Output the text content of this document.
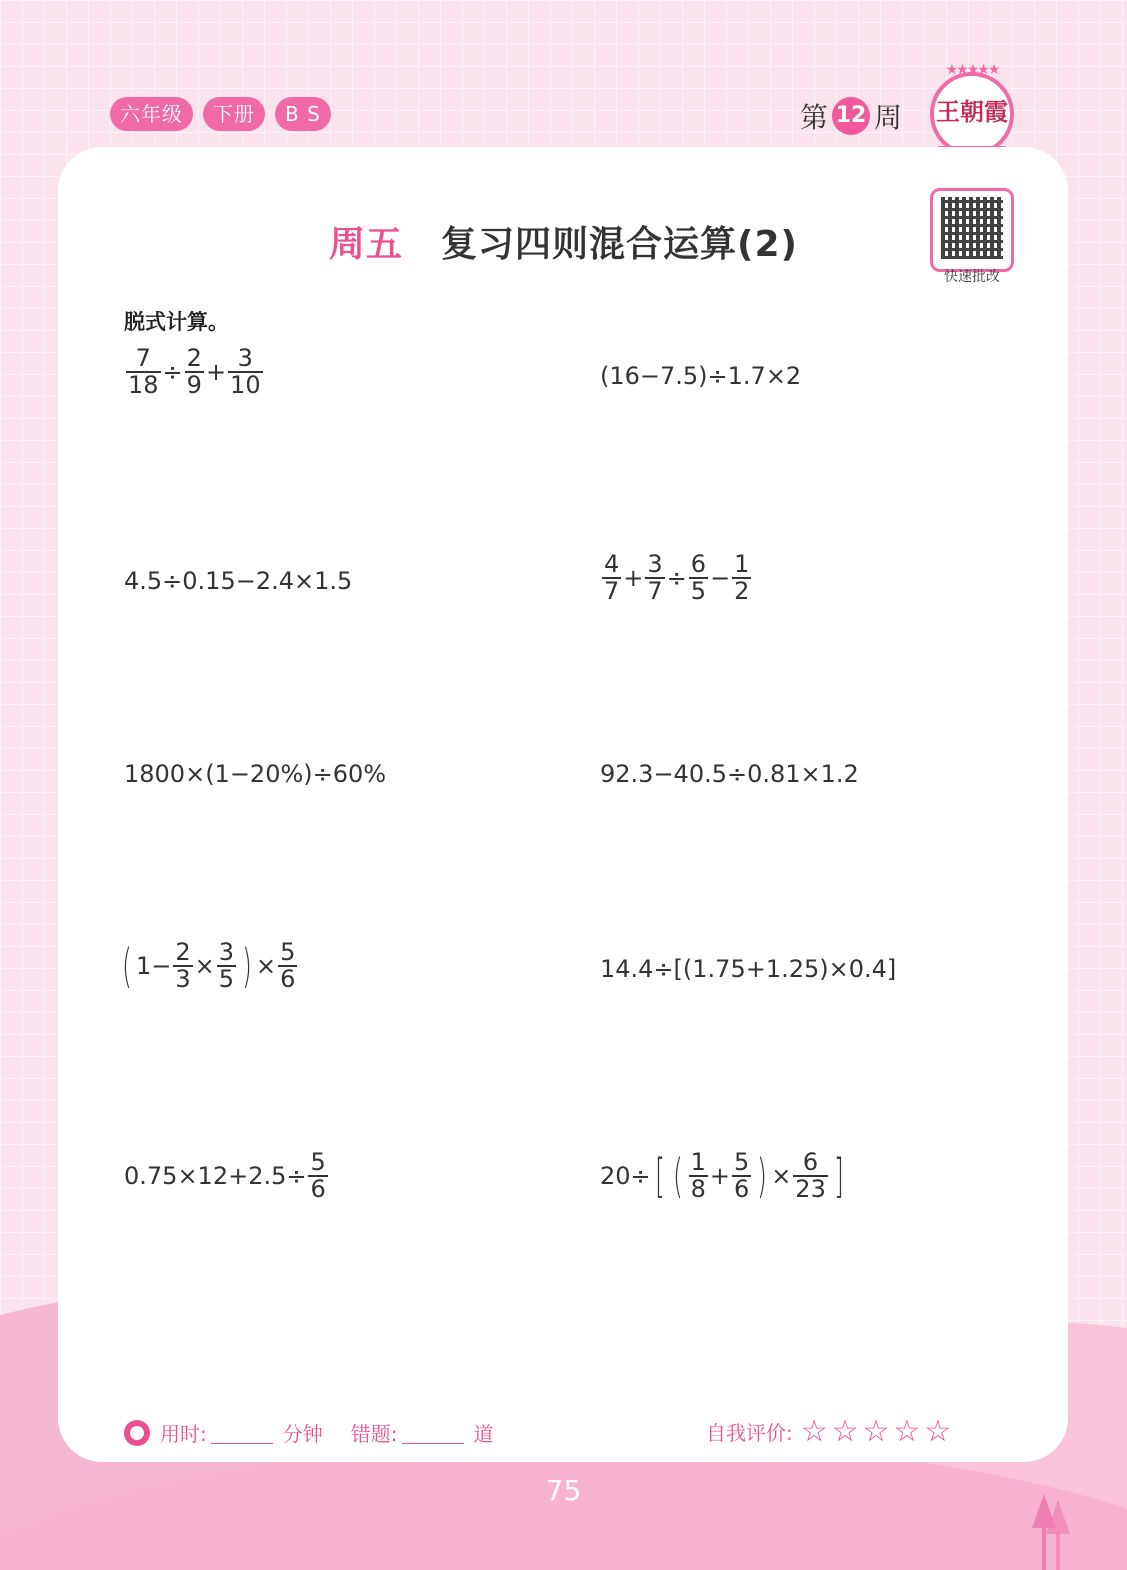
六年级	下册	B S	第 12 周
★★★★★
王朝霞
周五 复习四则混合运算(2)
快速批改
脱式计算。
$\frac{7}{18} \div \frac{2}{9} + \frac{3}{10}$	(16−7.5)÷1.7×2
4.5÷0.15−2.4×1.5	$\frac{4}{7} + \frac{3}{7} \div \frac{6}{5} - \frac{1}{2}$
1800×(1−20%)÷60%	92.3−40.5÷0.81×1.2
( $1- \frac{2}{3} \times \frac{3}{5}$ ) × $\frac{5}{6}$	14.4÷[(1.75+1.25)×0.4]
$0.75\times 12+2.5\div \frac{5}{6}$	20÷ [ ( $\frac{1}{8} + \frac{5}{6}$ ) × $\frac{6}{23}$ ]
用时:	分钟 错题:	道	自我评价: ☆☆☆☆☆
75
